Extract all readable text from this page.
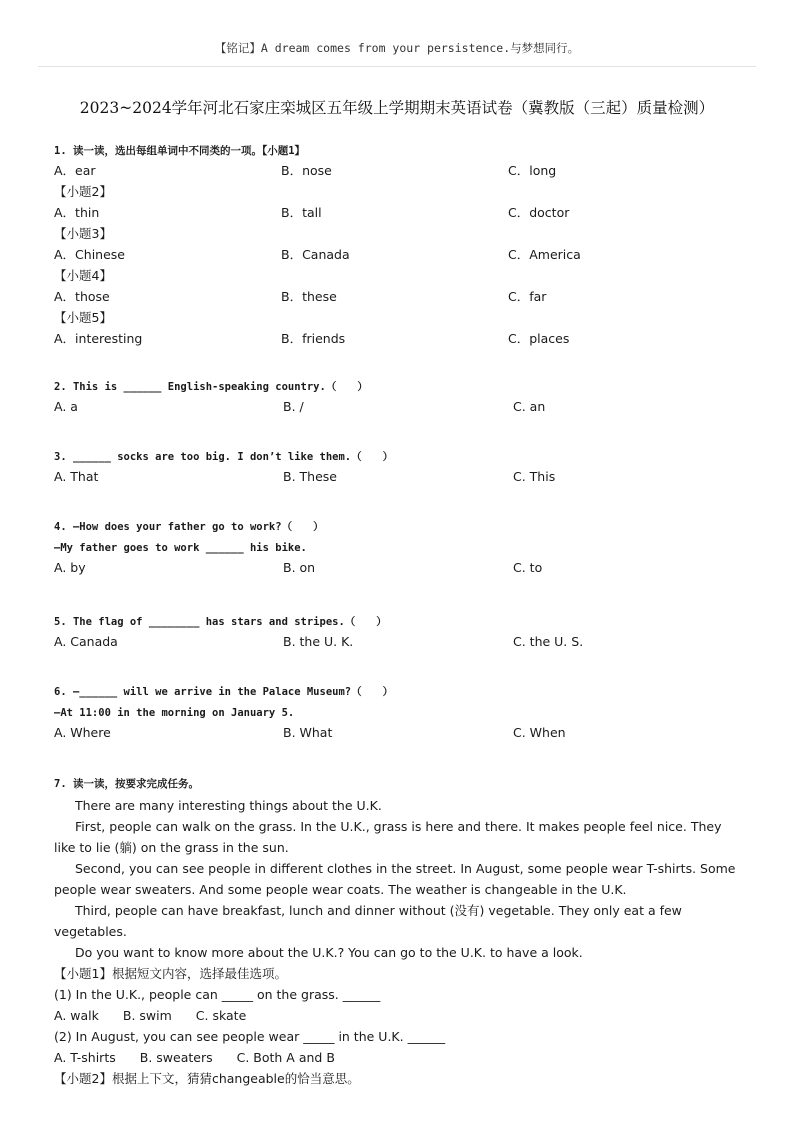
【铭记】A dream comes from your persistence.与梦想同行。
2023~2024学年河北石家庄栾城区五年级上学期期末英语试卷（冀教版（三起）质量检测）
1. 读一读，选出每组单词中不同类的一项。【小题1】
A．ear	B．nose	C．long
【小题2】
A．thin	B．tall	C．doctor
【小题3】
A．Chinese	B．Canada	C．America
【小题4】
A．those	B．these	C．far
【小题5】
A．interesting	B．friends	C．places
2. This is ______ English-speaking country.（　　）
A. a	B. /	C. an
3. ______ socks are too big. I don’t like them.（　　）
A. That	B. These	C. This
4. —How does your father go to work?（　　）
—My father goes to work ______ his bike.
A. by	B. on	C. to
5. The flag of ________ has stars and stripes.（　　）
A. Canada	B. the U. K.	C. the U. S.
6. —______ will we arrive in the Palace Museum?（　　）
—At 11:00 in the morning on January 5.
A. Where	B. What	C. When
7. 读一读，按要求完成任务。
There are many interesting things about the U.K.
First, people can walk on the grass. In the U.K., grass is here and there. It makes people feel nice. They like to lie (躺) on the grass in the sun.
Second, you can see people in different clothes in the street. In August, some people wear T-shirts. Some people wear sweaters. And some people wear coats. The weather is changeable in the U.K.
Third, people can have breakfast, lunch and dinner without (没有) vegetable. They only eat a few vegetables.
Do you want to know more about the U.K.? You can go to the U.K. to have a look.
【小题1】根据短文内容，选择最佳选项。
(1) In the U.K., people can _____ on the grass. ______
A. walk B. swim C. skate
(2) In August, you can see people wear _____ in the U.K. ______
A. T-shirts B. sweaters C. Both A and B
【小题2】根据上下文，猜猜changeable的恰当意思。
